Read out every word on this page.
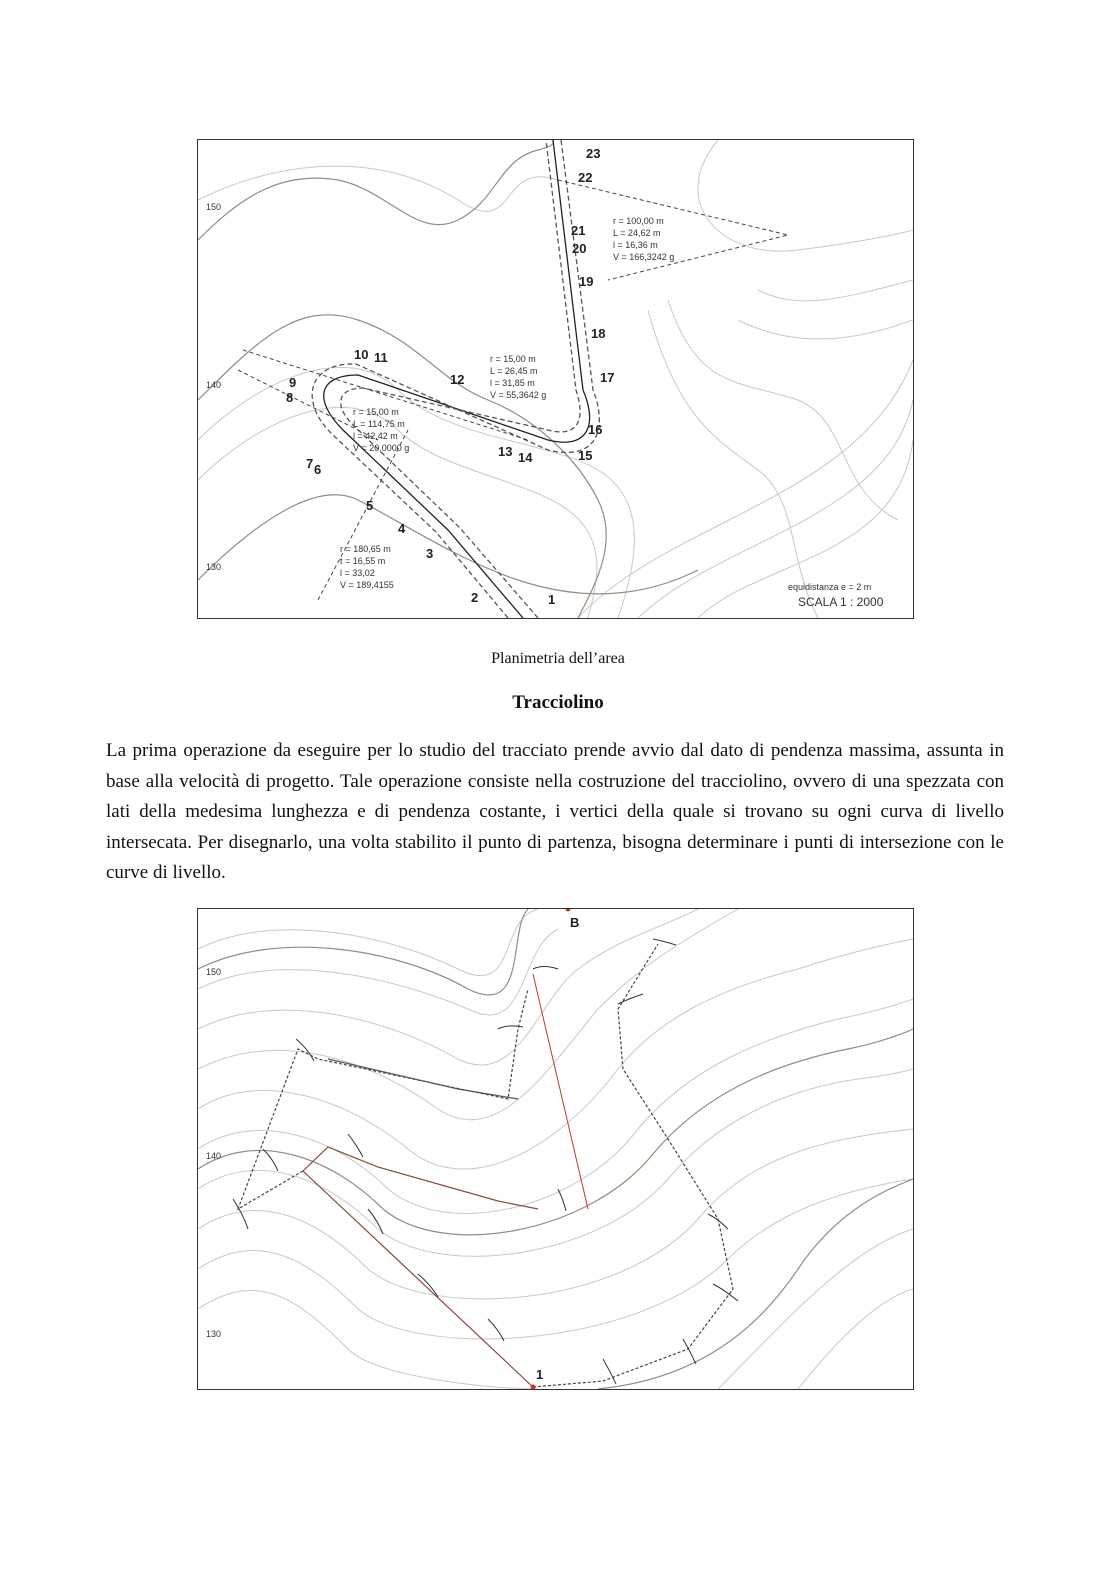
150
140
130
1
2
3
4
5
6
7
8
9
10 11
12
13 14	15
16
17
18
19
20
21
22
23
r = 100,00 m
L = 24,62 m
l = 16,36 m
V = 166,3242 g
r = 15,00 m
L = 26,45 m
l = 31,85 m
V = 55,3642 g
r = 15,00 m
L = 114,75 m
l = 42,42 m
V = 20,0000 g
r = 180,65 m
t = 16,55 m
l = 33,02
V = 189,4155	equidistanza e = 2 m
SCALA 1 : 2000
Planimetria dell’area
Tracciolino

La prima operazione da eseguire per lo studio del tracciato prende avvio dal dato di pendenza massima, assunta in base alla velocità di progetto. Tale operazione consiste nella costruzione del tracciolino, ovvero di una spezzata con lati della medesima lunghezza e di pendenza costante, i vertici della quale si trovano su ogni curva di livello intersecata. Per disegnarlo, una volta stabilito il punto di partenza, bisogna determinare i punti di intersezione con le curve di livello.

150
140
130
1
B
